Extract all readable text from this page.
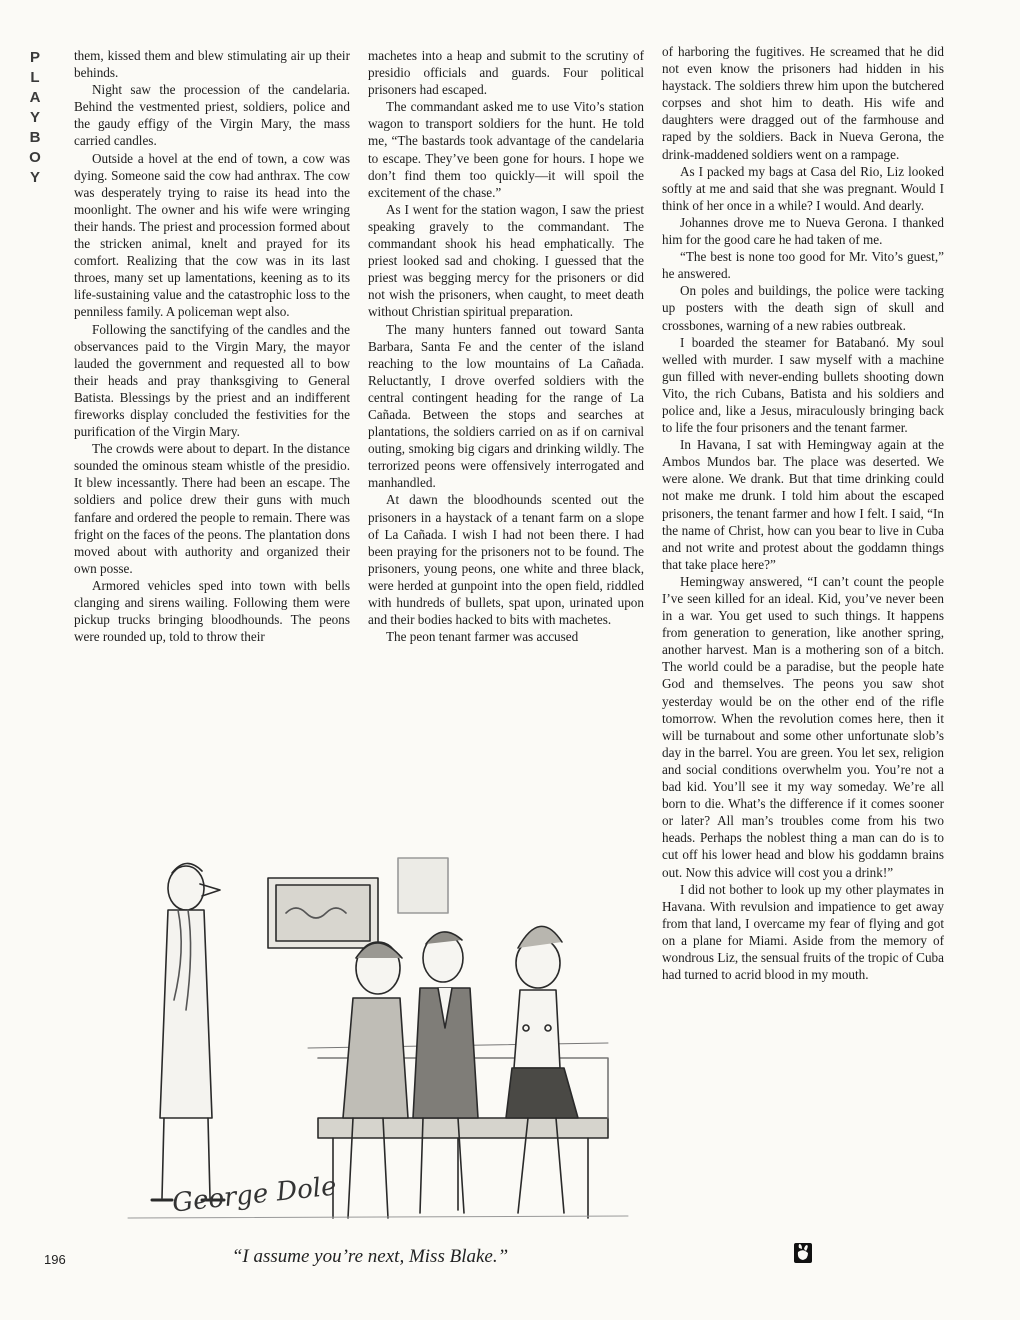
P
L
A
Y
B
O
Y

them, kissed them and blew stimulating air up their behinds.

Night saw the procession of the candelaria. Behind the vestmented priest, soldiers, police and the gaudy effigy of the Virgin Mary, the mass carried candles.

Outside a hovel at the end of town, a cow was dying. Someone said the cow had anthrax. The cow was desperately trying to raise its head into the moonlight. The owner and his wife were wringing their hands. The priest and procession formed about the stricken animal, knelt and prayed for its comfort. Realizing that the cow was in its last throes, many set up lamentations, keening as to its life-sustaining value and the catastrophic loss to the penniless family. A policeman wept also.

Following the sanctifying of the candles and the observances paid to the Virgin Mary, the mayor lauded the government and requested all to bow their heads and pray thanksgiving to General Batista. Blessings by the priest and an indifferent fireworks display concluded the festivities for the purification of the Virgin Mary.

The crowds were about to depart. In the distance sounded the ominous steam whistle of the presidio. It blew incessantly. There had been an escape. The soldiers and police drew their guns with much fanfare and ordered the people to remain. There was fright on the faces of the peons. The plantation dons moved about with authority and organized their own posse.

Armored vehicles sped into town with bells clanging and sirens wailing. Following them were pickup trucks bringing bloodhounds. The peons were rounded up, told to throw their

machetes into a heap and submit to the scrutiny of presidio officials and guards. Four political prisoners had escaped.

The commandant asked me to use Vito’s station wagon to transport soldiers for the hunt. He told me, “The bastards took advantage of the candelaria to escape. They’ve been gone for hours. I hope we don’t find them too quickly—it will spoil the excitement of the chase.”

As I went for the station wagon, I saw the priest speaking gravely to the commandant. The commandant shook his head emphatically. The priest looked sad and choking. I guessed that the priest was begging mercy for the prisoners or did not wish the prisoners, when caught, to meet death without Christian spiritual preparation.

The many hunters fanned out toward Santa Barbara, Santa Fe and the center of the island reaching to the low mountains of La Cañada. Reluctantly, I drove overfed soldiers with the central contingent heading for the range of La Cañada. Between the stops and searches at plantations, the soldiers carried on as if on carnival outing, smoking big cigars and drinking wildly. The terrorized peons were offensively interrogated and manhandled.

At dawn the bloodhounds scented out the prisoners in a haystack of a tenant farm on a slope of La Cañada. I wish I had not been there. I had been praying for the prisoners not to be found. The prisoners, young peons, one white and three black, were herded at gunpoint into the open field, riddled with hundreds of bullets, spat upon, urinated upon and their bodies hacked to bits with machetes.

The peon tenant farmer was accused

of harboring the fugitives. He screamed that he did not even know the prisoners had hidden in his haystack. The soldiers threw him upon the butchered corpses and shot him to death. His wife and daughters were dragged out of the farmhouse and raped by the soldiers. Back in Nueva Gerona, the drink-maddened soldiers went on a rampage.

As I packed my bags at Casa del Rio, Liz looked softly at me and said that she was pregnant. Would I think of her once in a while? I would. And dearly.

Johannes drove me to Nueva Gerona. I thanked him for the good care he had taken of me.

“The best is none too good for Mr. Vito’s guest,” he answered.

On poles and buildings, the police were tacking up posters with the death sign of skull and crossbones, warning of a new rabies outbreak.

I boarded the steamer for Batabanó. My soul welled with murder. I saw myself with a machine gun filled with never-ending bullets shooting down Vito, the rich Cubans, Batista and his soldiers and police and, like a Jesus, miraculously bringing back to life the four prisoners and the tenant farmer.

In Havana, I sat with Hemingway again at the Ambos Mundos bar. The place was deserted. We were alone. We drank. But that time drinking could not make me drunk. I told him about the escaped prisoners, the tenant farmer and how I felt. I said, “In the name of Christ, how can you bear to live in Cuba and not write and protest about the goddamn things that take place here?”

Hemingway answered, “I can’t count the people I’ve seen killed for an ideal. Kid, you’ve never been in a war. You get used to such things. It happens from generation to generation, like another spring, another harvest. Man is a mothering son of a bitch. The world could be a paradise, but the people hate God and themselves. The peons you saw shot yesterday would be on the other end of the rifle tomorrow. When the revolution comes here, then it will be turnabout and some other unfortunate slob’s day in the barrel. You are green. You let sex, religion and social conditions overwhelm you. You’re not a bad kid. You’ll see it my way someday. We’re all born to die. What’s the difference if it comes sooner or later? All man’s troubles come from his two heads. Perhaps the noblest thing a man can do is to cut off his lower head and blow his goddamn brains out. Now this advice will cost you a drink!”

I did not bother to look up my other playmates in Havana. With revulsion and impatience to get away from that land, I overcame my fear of flying and got on a plane for Miami. Aside from the memory of wondrous Liz, the sensual fruits of the tropic of Cuba had turned to acrid blood in my mouth.

George Dole
196	“I assume you’re next, Miss Blake.”
